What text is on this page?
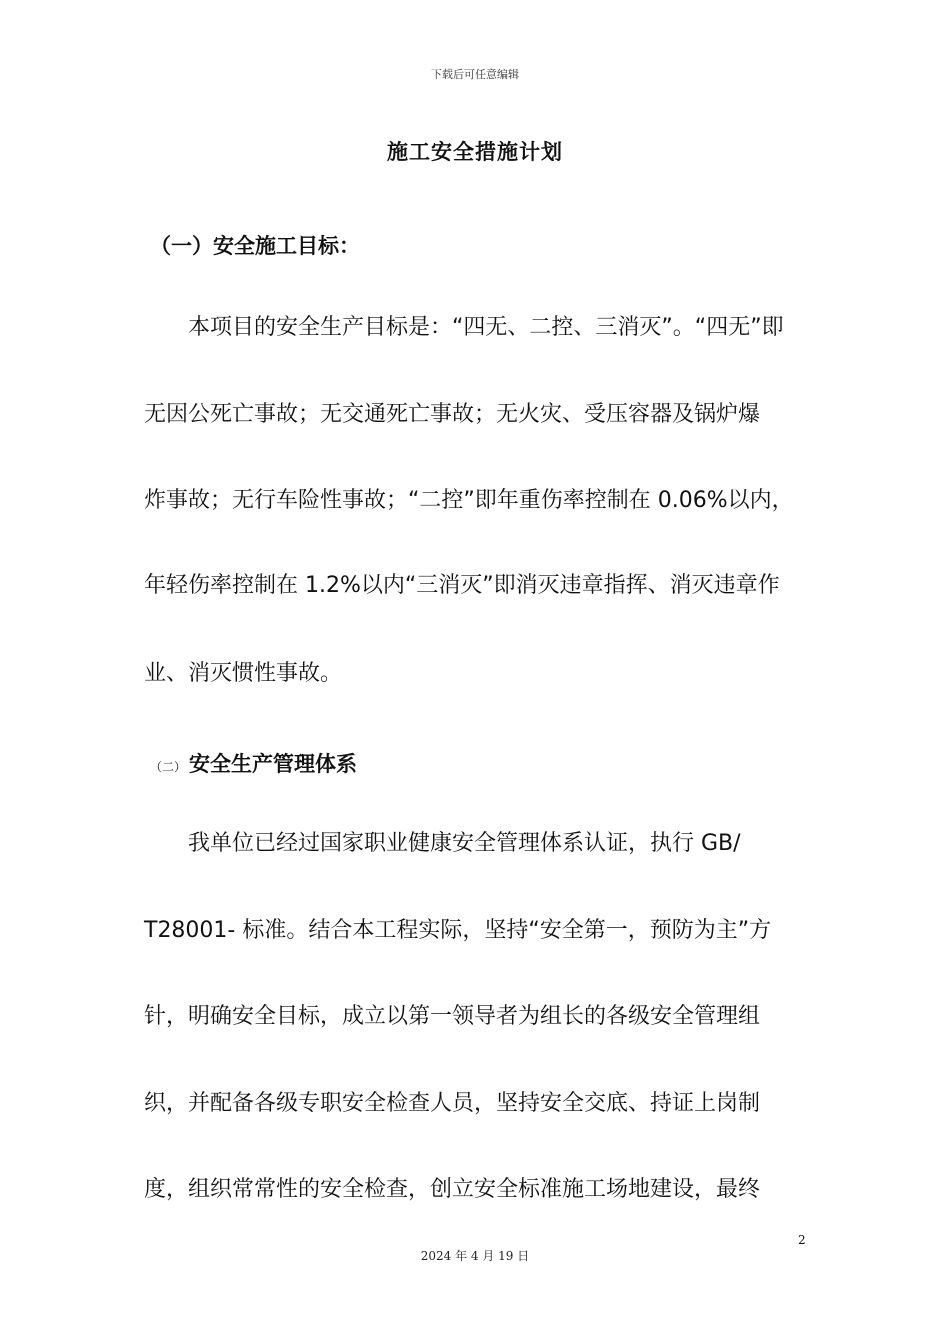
下载后可任意编辑
施工安全措施计划
（一）安全施工目标：
本项目的安全生产目标是：“四无、二控、三消灭”。“四无”即
无因公死亡事故；无交通死亡事故；无火灾、受压容器及锅炉爆
炸事故；无行车险性事故；“二控”即年重伤率控制在 0.06%以内，
年轻伤率控制在 1.2%以内“三消灭”即消灭违章指挥、消灭违章作
业、消灭惯性事故。
（二） 安全生产管理体系
我单位已经过国家职业健康安全管理体系认证，执行 GB/
T28001- 标准。结合本工程实际，坚持“安全第一，预防为主”方
针，明确安全目标，成立以第一领导者为组长的各级安全管理组
织，并配备各级专职安全检查人员，坚持安全交底、持证上岗制
度，组织常常性的安全检查，创立安全标准施工场地建设，最终
2
2024 年 4 月 19 日
